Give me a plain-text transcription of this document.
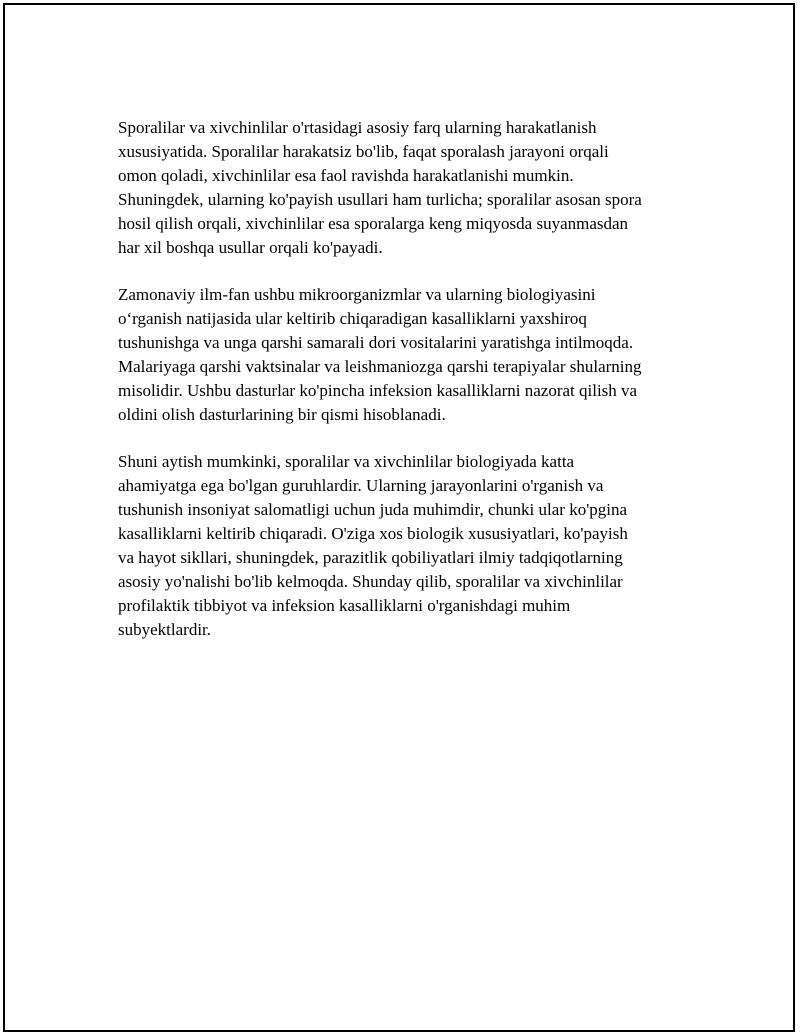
Sporalilar va xivchinlilar o'rtasidagi asosiy farq ularning harakatlanish
xususiyatida. Sporalilar harakatsiz bo'lib, faqat sporalash jarayoni orqali
omon qoladi, xivchinlilar esa faol ravishda harakatlanishi mumkin.
Shuningdek, ularning ko'payish usullari ham turlicha; sporalilar asosan spora
hosil qilish orqali, xivchinlilar esa sporalarga keng miqyosda suyanmasdan
har xil boshqa usullar orqali ko'payadi.

Zamonaviy ilm-fan ushbu mikroorganizmlar va ularning biologiyasini
o‘rganish natijasida ular keltirib chiqaradigan kasalliklarni yaxshiroq
tushunishga va unga qarshi samarali dori vositalarini yaratishga intilmoqda.
Malariyaga qarshi vaktsinalar va leishmaniozga qarshi terapiyalar shularning
misolidir. Ushbu dasturlar ko'pincha infeksion kasalliklarni nazorat qilish va
oldini olish dasturlarining bir qismi hisoblanadi.

Shuni aytish mumkinki, sporalilar va xivchinlilar biologiyada katta
ahamiyatga ega bo'lgan guruhlardir. Ularning jarayonlarini o'rganish va
tushunish insoniyat salomatligi uchun juda muhimdir, chunki ular ko'pgina
kasalliklarni keltirib chiqaradi. O'ziga xos biologik xususiyatlari, ko'payish
va hayot sikllari, shuningdek, parazitlik qobiliyatlari ilmiy tadqiqotlarning
asosiy yo'nalishi bo'lib kelmoqda. Shunday qilib, sporalilar va xivchinlilar
profilaktik tibbiyot va infeksion kasalliklarni o'rganishdagi muhim
subyektlardir.
